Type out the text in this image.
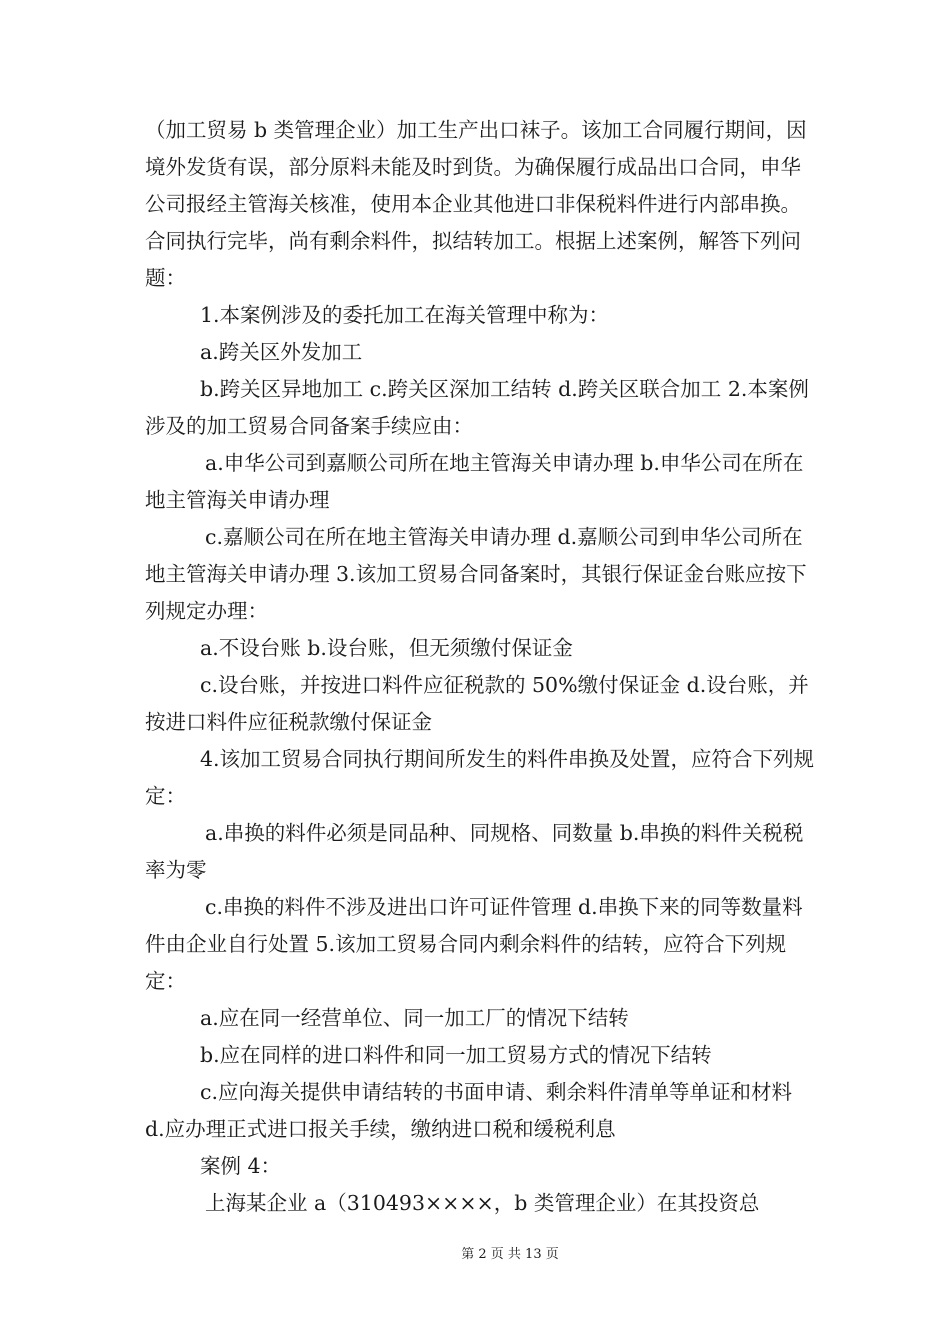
（加工贸易 b 类管理企业）加工生产出口袜子。该加工合同履行期间，因境外发货有误，部分原料未能及时到货。为确保履行成品出口合同，申华公司报经主管海关核准，使用本企业其他进口非保税料件进行内部串换。合同执行完毕，尚有剩余料件，拟结转加工。根据上述案例，解答下列问题：

1.本案例涉及的委托加工在海关管理中称为：

a.跨关区外发加工

b.跨关区异地加工 c.跨关区深加工结转 d.跨关区联合加工 2.本案例涉及的加工贸易合同备案手续应由：

a.申华公司到嘉顺公司所在地主管海关申请办理 b.申华公司在所在地主管海关申请办理

c.嘉顺公司在所在地主管海关申请办理 d.嘉顺公司到申华公司所在地主管海关申请办理 3.该加工贸易合同备案时，其银行保证金台账应按下列规定办理：

a.不设台账 b.设台账，但无须缴付保证金

c.设台账，并按进口料件应征税款的 50%缴付保证金 d.设台账，并按进口料件应征税款缴付保证金

4.该加工贸易合同执行期间所发生的料件串换及处置，应符合下列规定：

a.串换的料件必须是同品种、同规格、同数量 b.串换的料件关税税率为零

c.串换的料件不涉及进出口许可证件管理 d.串换下来的同等数量料件由企业自行处置 5.该加工贸易合同内剩余料件的结转，应符合下列规定：

a.应在同一经营单位、同一加工厂的情况下结转

b.应在同样的进口料件和同一加工贸易方式的情况下结转

c.应向海关提供申请结转的书面申请、剩余料件清单等单证和材料 d.应办理正式进口报关手续，缴纳进口税和缓税利息

案例 4：

上海某企业 a（310493××××，b 类管理企业）在其投资总

第 2 页 共 13 页
